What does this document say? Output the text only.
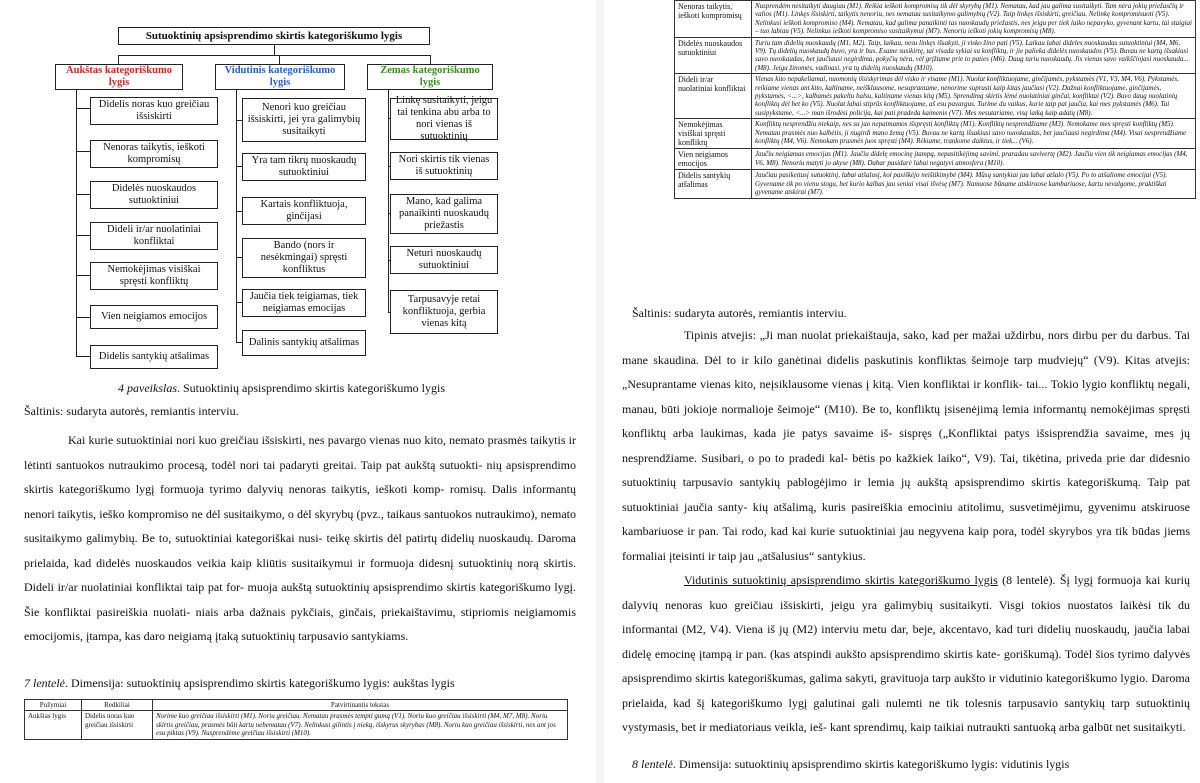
Sutuoktinių apsisprendimo skirtis kategoriškumo lygis
Aukštas kategoriškumo lygis
Vidutinis kategoriškumo lygis
Žemas kategoriškumo lygis
Didelis noras kuo greičiau išsiskirti
Nenoras taikytis, ieškoti kompromisų
Didelės nuoskaudos sutuoktiniui
Dideli ir/ar nuolatiniai konfliktai
Nemokėjimas visiškai spręsti konfliktų
Vien neigiamos emocijos
Didelis santykių atšalimas
Nenori kuo greičiau išsiskirti, jei yra galimybių susitaikyti
Yra tam tikrų nuoskaudų sutuoktiniui
Kartais konfliktuoja, ginčijasi
Bando (nors ir nesėkmingai) spręsti konfliktus
Jaučia tiek teigiamas, tiek neigiamas emocijas
Dalinis santykių atšalimas
Linkę susitaikyti, jeigu tai tenkina abu arba to nori vienas iš sutuoktinių
Nori skirtis tik vienas iš sutuoktinių
Mano, kad galima panaikinti nuoskaudų priežastis
Neturi nuoskaudų sutuoktiniui
Tarpusavyje retai konfliktuoja, gerbia vienas kitą
4 paveikslas. Sutuoktinių apsisprendimo skirtis kategoriškumo lygis
Šaltinis: sudaryta autorės, remiantis interviu.
Kai kurie sutuoktiniai nori kuo greičiau išsiskirti, nes pavargo vienas nuo kito, nemato prasmės taikytis ir lėtinti santuokos nutraukimo procesą, todėl nori tai padaryti greitai. Taip pat aukštą sutuokti- nių apsisprendimo skirtis kategoriškumo lygį formuoja tyrimo dalyvių nenoras taikytis, ieškoti komp- romisų. Dalis informantų nenori taikytis, ieško kompromiso ne dėl susitaikymo, o dėl skyrybų (pvz., taikaus santuokos nutraukimo), nemato susitaikymo galimybių. Be to, sutuoktiniai kategoriškai nusi- teikę skirtis dėl patirtų didelių nuoskaudų. Daroma prielaida, kad didelės nuoskaudos veikia kaip kliūtis susitaikymui ir formuoja didesnį sutuoktinių norą skirtis. Dideli ir/ar nuolatiniai konfliktai taip pat for- muoja aukštą sutuoktinių apsisprendimo skirtis kategoriškumo lygį. Šie konfliktai pasireiškia nuolati- niais arba dažnais pykčiais, ginčais, priekaištavimu, stipriomis neigiamomis emocijomis, įtampa, kas daro neigiamą įtaką sutuoktinių tarpusavio santykiams.
7 lentelė. Dimensija: sutuoktinių apsisprendimo skirtis kategoriškumo lygis: aukštas lygis
Požymiai	Redkiliai	Patvirtinantis tekstas
Aukštas lygis	Didelis noras kuo greičiau išsiskirti	Norime kuo greičiau išsiskirti (M1). Noriu greičiau. Nematau prasmės tempti gumą (V1). Noriu kuo greičiau išsiskirti (M4, M7, M8). Noriu skirtis greičiau, prasmės būti kartu nebematau (V7). Nelinkusi gilintis į nieką, išskyrus skyrybas (M8). Noriu kuo greičiau išsiskirti, nes ant jos esu piktas (V9). Nusprendėme greičiau išsiskirti (M10).
Nenoras taikytis, ieškoti kompromisų	Nusprendėm nesitaikyti daugiau (M1). Reikia ieškoti kompromisų tik dėl skyrybų (M1). Nematau, kad jau galima susitaikyti. Tam nėra jokių priežasčių ir valios (M1). Linkęs išsiskirti, taikytis nenoriu, nes nematau susitaikymo galimybių (V2). Taip linkęs išsiskirti, greičiau. Nelinkę kompromisuoti (V5). Nelinkusi ieškoti kompromiso (M4). Nematau, kad galima panaikinti tas nuoskaudų priežastis, nes jeigu per tiek laiko nepavyko, gyvenant kartu, tai staigiai – tuo labiau (V5). Nelinkus ieškoti kompromiso susitaikymui (M7). Nenoriu ieškoti jokių kompromisų (M8).
Didelės nuoskaudos sutuoktiniui	Turiu tam didelių nuoskaudų (M1, M2). Taip, laikau, nesu linkęs išsakyti, ji visko žino pati (V5). Laikau labai dideles nuoskaudas sutuoktiniui (M4, M6, V9). Tų didelių nuoskaudų buvo, yra ir bus. Esame susikirtę, tai visada sykiai su konfliktų, ir jie palieka didelės nuoskaudos (V5). Buvau ne kartą išsakiusi savo nuoskaudas, bet jaučiausi negirdima, pokyčių nėra, vėl grįžtame prie to paties (M6). Daug turiu nuoskaudų. Jis vienas savo vaikščiojasi nuoskauda... (M8). Jeigu žinomės, vadinasi, yra tų didelių nuoskaudų (M10).
Dideli ir/ar nuolatiniai konfliktai	Vienas kito nepakeliamai, nuomonių išsiskyrimas dėl visko ir visame (M1). Nuolat konfliktuojame, ginčijamės, pykstamės (V1, V3, M4, V6). Pykstamės, reikiame vienas ant kito, kaltiname, neišklausome, nesuprantame, nenorime suprasti kaip kitas jaučiasi (V2). Dažnai konfliktuojame, ginčijamės, pykstamės, <...>, kalbamės pakeltu balsu, kaltiname vienas kitą (M5). Sprendimą skirtis lėmė nuolatiniai ginčai, konfliktai (V2). Buvo daug nuolatinių konfliktų dėl bet ko (V5). Nuolat labai stiprūs konfliktuojame, aš esu pavargus. Turime du vaikus, kurie taip pat jaučia, kai mes pykstamės (M6). Tai susipykstame, <...> man išrodėsi policija, kai pati pradeda kaimenis (V7). Mes nesutariame, visą laiką kaip adatų (M8).
Nemokėjimas visiškai spręsti konfliktų	Konfliktų nesprendžiu niekaip, nes su juo nepaimamos išspręsti konfliktų (M1). Konfliktų nesprendžiame (M3). Nemokame mes spręsti konfliktų (M5). Nematau prasmės nuo kalbėtis, ji nugirdi mano žemą (V5). Buvau ne kartą išsakiusi savo nuoskaudas, bet jaučiausi negirdima (M4). Visai nesprendžiame konfliktų (M4, V6). Nemokam prasmės juos spręsti (M4). Rėkiame, trankome daiktus, ir tiek... (V6).
Vien neigiamos emocijos	Jaučiu neigiamas emocijas (M1). Jaučiu didelę emocinę įtampą, nepasitikėjimą savimi, praradau savivertę (M2). Jaučiu vien tik neigiamas emocijas (M4, V6, M8). Nenoriu matyti jo akyse (M8). Dabar pasidarė labai negatyvi atmosfera (M10).
Didelis santykių atšalimas	Jaučiau pasikeitusį sutuoktinį, labai atšalusį, kol pasiškėjo neištikimybė (M4). Mūsų santykiai jau labai atšalo (V5). Po to atšaliome emocijai (V5). Gyvename tik po vienu stogu, bet kurio kalbas jau seniai visai išvėsę (M7). Namuose būname atskiruose kambariuose, kartu nevalgome, praktiškai gyvename atskirai (M7).
Šaltinis: sudaryta autorės, remiantis interviu.
Tipinis atvejis: „Ji man nuolat priekaištauja, sako, kad per mažai uždirbu, nors dirbu per du darbus. Tai mane skaudina. Dėl to ir kilo ganėtinai didelis paskutinis konfliktas šeimoje tarp mudviejų“ (V9). Kitas atvejis: „Nesuprantame vienas kito, neįsiklausome vienas į kitą. Vien konfliktai ir konflik- tai... Tokio lygio konfliktų negali, manau, būti jokioje normalioje šeimoje“ (M10). Be to, konfliktų įsisenėjimą lemia informantų nemokėjimas spręsti konfliktų arba laukimas, kada jie patys savaime iš- sispręs („Konfliktai patys išsisprendžia savaime, mes jų nesprendžiame. Susibari, o po to pradedi kal- bėtis po kažkiek laiko“, V9). Tai, tikėtina, priveda prie dar didesnio sutuoktinių tarpusavio santykių pablogėjimo ir lemia jų aukštą apsisprendimo skirtis kategoriškumą. Taip pat sutuoktiniai jaučia santy- kių atšalimą, kuris pasireiškia emociniu atitolimu, susvetimėjimu, gyvenimu atskiruose kambariuose ir pan. Tai rodo, kad kai kurie sutuoktiniai jau negyvena kaip pora, todėl skyrybos yra tik būdas jiems formaliai įteisinti ir taip jau „atšalusius“ santykius.
Vidutinis sutuoktinių apsisprendimo skirtis kategoriškumo lygis (8 lentelė). Šį lygį formuoja kai kurių dalyvių nenoras kuo greičiau išsiskirti, jeigu yra galimybių susitaikyti. Visgi tokios nuostatos laikėsi tik du informantai (M2, V4). Viena iš jų (M2) interviu metu dar, beje, akcentavo, kad turi didelių nuoskaudų, jaučia labai didelę emocinę įtampą ir pan. (kas atspindi aukšto apsisprendimo skirtis kate- goriškumą). Todėl šios tyrimo dalyvės apsisprendimo skirtis kategoriškumas, galima sakyti, gravituoja tarp aukšto ir vidutinio kategoriškumo lygio. Daroma prielaida, kad šį kategoriškumo lygį galutinai gali nulemti ne tik tolesnis tarpusavio santykių tarp sutuoktinių vystymasis, bet ir mediatoriaus veikla, ieš- kant sprendimų, kaip taikiai nutraukti santuoką arba galbūt net susitaikyti.
8 lentelė. Dimensija: sutuoktinių apsisprendimo skirtis kategoriškumo lygis: vidutinis lygis
